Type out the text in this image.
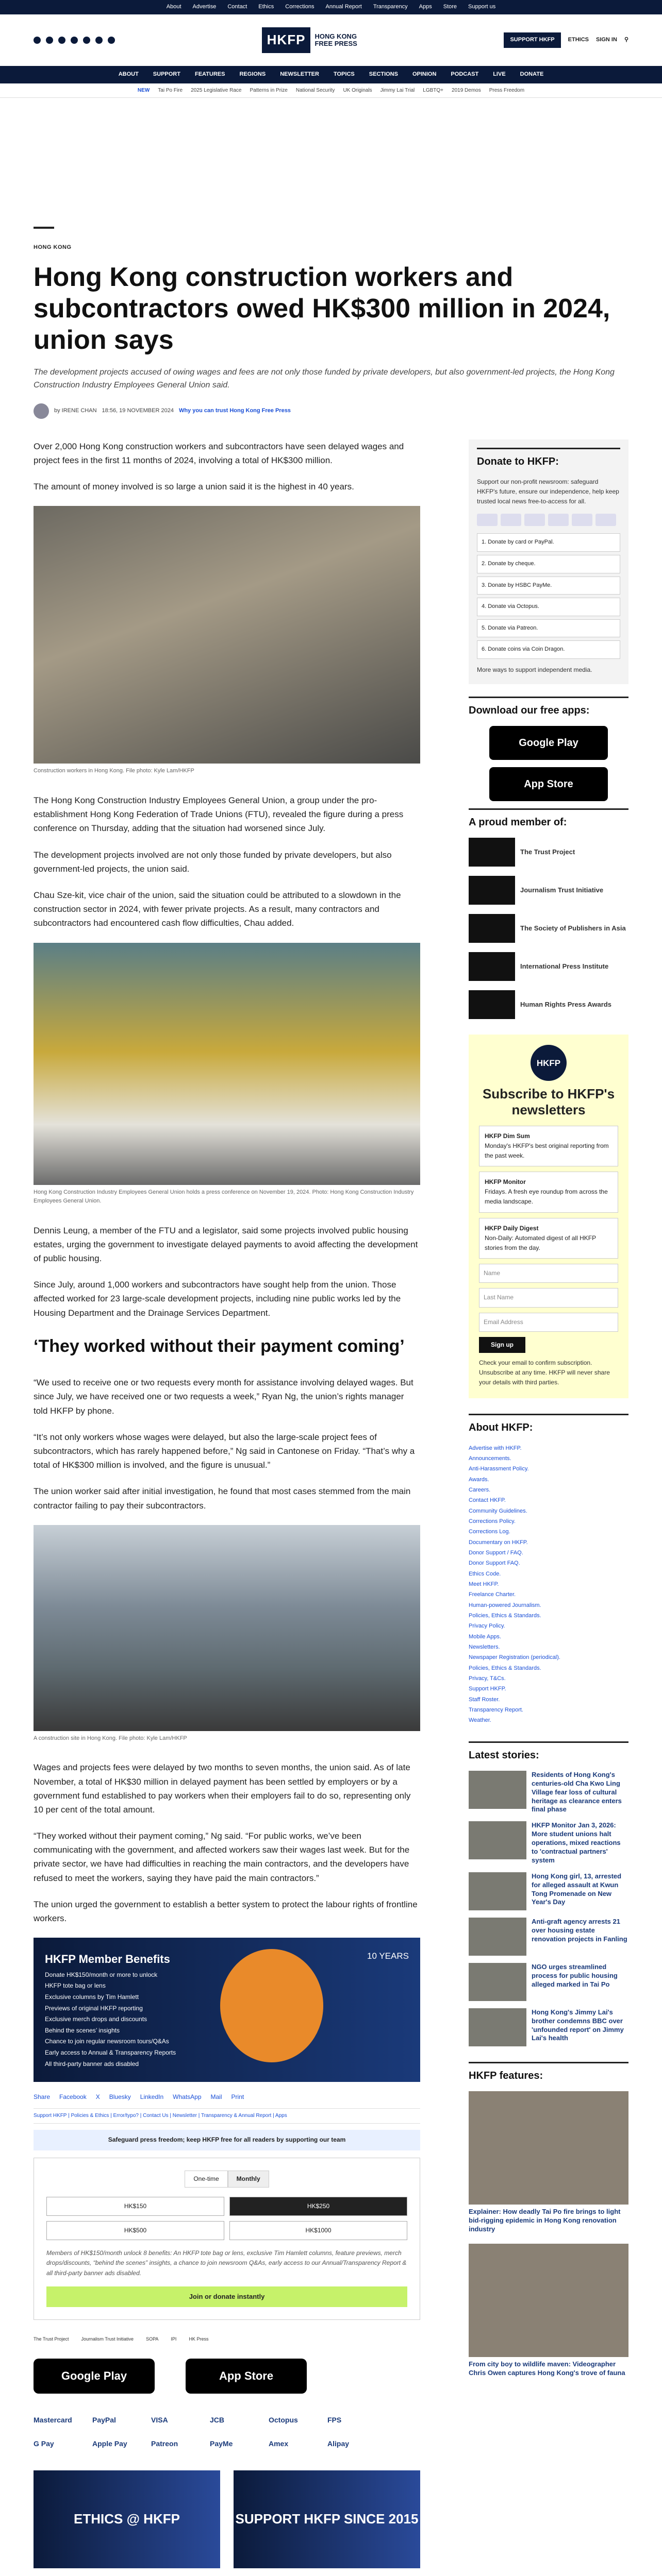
About Advertise Contact Ethics Corrections Annual Report Transparency Apps Store Support us
HKFP	HONG KONG
FREE PRESS	SUPPORT HKFP	ETHICS SIGN IN ⚲
ABOUT	SUPPORT	FEATURES	REGIONS	NEWSLETTER	TOPICS	SECTIONS	OPINION	PODCAST	LIVE	DONATE
NEW Tai Po Fire 2025 Legislative Race Patterns in Prize National Security UK Originals Jimmy Lai Trial LGBTQ+ 2019 Demos Press Freedom
HONG KONG
Hong Kong construction workers and subcontractors owed HK$300 million in 2024, union says
The development projects accused of owing wages and fees are not only those funded by private developers, but also government-led projects, the Hong Kong Construction Industry Employees General Union said.
by IRENE CHAN 18:56, 19 NOVEMBER 2024 Why you can trust Hong Kong Free Press

Over 2,000 Hong Kong construction workers and subcontractors have seen delayed wages and project fees in the first 11 months of 2024, involving a total of HK$300 million.

The amount of money involved is so large a union said it is the highest in 40 years.

Construction workers in Hong Kong. File photo: Kyle Lam/HKFP

The Hong Kong Construction Industry Employees General Union, a group under the pro-establishment Hong Kong Federation of Trade Unions (FTU), revealed the figure during a press conference on Thursday, adding that the situation had worsened since July.

The development projects involved are not only those funded by private developers, but also government-led projects, the union said.

Chau Sze-kit, vice chair of the union, said the situation could be attributed to a slowdown in the construction sector in 2024, with fewer private projects. As a result, many contractors and subcontractors had encountered cash flow difficulties, Chau added.

Hong Kong Construction Industry Employees General Union holds a press conference on November 19, 2024. Photo: Hong Kong Construction Industry Employees General Union.

Dennis Leung, a member of the FTU and a legislator, said some projects involved public housing estates, urging the government to investigate delayed payments to avoid affecting the development of public housing.

Since July, around 1,000 workers and subcontractors have sought help from the union. Those affected worked for 23 large-scale development projects, including nine public works led by the Housing Department and the Drainage Services Department.

‘They worked without their payment coming’

“We used to receive one or two requests every month for assistance involving delayed wages. But since July, we have received one or two requests a week,” Ryan Ng, the union’s rights manager told HKFP by phone.

“It’s not only workers whose wages were delayed, but also the large-scale project fees of subcontractors, which has rarely happened before,” Ng said in Cantonese on Friday. “That’s why a total of HK$300 million is involved, and the figure is unusual.”

The union worker said after initial investigation, he found that most cases stemmed from the main contractor failing to pay their subcontractors.

A construction site in Hong Kong. File photo: Kyle Lam/HKFP

Wages and projects fees were delayed by two months to seven months, the union said. As of late November, a total of HK$30 million in delayed payment has been settled by employers or by a government fund established to pay workers when their employers fail to do so, representing only 10 per cent of the total amount.

“They worked without their payment coming,” Ng said. “For public works, we’ve been communicating with the government, and affected workers saw their wages last week. But for the private sector, we have had difficulties in reaching the main contractors, and the developers have refused to meet the workers, saying they have paid the main contractors.”

The union urged the government to establish a better system to protect the labour rights of frontline workers.

HKFP Member Benefits
Donate HK$150/month or more to unlock
HKFP tote bag or lens
Exclusive columns by Tim Hamlett
Previews of original HKFP reporting
Exclusive merch drops and discounts
Behind the scenes’ insights
Chance to join regular newsroom tours/Q&As
Early access to Annual & Transparency Reports
All third-party banner ads disabled
10 YEARS
Share Facebook X Bluesky LinkedIn WhatsApp Mail Print
Support HKFP | Policies & Ethics | Error/typo? | Contact Us | Newsletter | Transparency & Annual Report | Apps
Safeguard press freedom; keep HKFP free for all readers by supporting our team
One-time	Monthly
HK$150	HK$250
HK$500	HK$1000
Members of HK$150/month unlock 8 benefits: An HKFP tote bag or lens, exclusive Tim Hamlett columns, feature previews, merch drops/discounts, “behind the scenes” insights, a chance to join newsroom Q&As, early access to our Annual/Transparency Report & all third-party banner ads disabled.
Join or donate instantly
The Trust Project	Journalism Trust Initiative	SOPA	IPI	HK Press
Google Play	App Store
Mastercard	PayPal	VISA	JCB	Octopus	FPS
G Pay	Apple Pay	Patreon	PayMe	Amex	Alipay
ETHICS @ HKFP	SUPPORT HKFP SINCE 2015
Donate to HKFP:
Support our non-profit newsroom: safeguard HKFP's future, ensure our independence, help keep trusted local news free-to-access for all.
1. Donate by card or PayPal.
2. Donate by cheque.
3. Donate by HSBC PayMe.
4. Donate via Octopus.
5. Donate via Patreon.
6. Donate coins via Coin Dragon.
More ways to support independent media.
Download our free apps:
Google Play
App Store
A proud member of:
The Trust Project
Journalism Trust Initiative
The Society of Publishers in Asia
International Press Institute
Human Rights Press Awards
HKFP
Subscribe to HKFP's newsletters
HKFP Dim Sum
Monday's HKFP's best original reporting from the past week.
HKFP Monitor
Fridays. A fresh eye roundup from across the media landscape.
HKFP Daily Digest
Non-Daily: Automated digest of all HKFP stories from the day.
Name
Last Name
Email Address
Sign up
Check your email to confirm subscription. Unsubscribe at any time. HKFP will never share your details with third parties.
About HKFP:
Advertise with HKFP.
Announcements.
Anti-Harassment Policy.
Awards.
Careers.
Contact HKFP.
Community Guidelines.
Corrections Policy.
Corrections Log.
Documentary on HKFP.
Donor Support / FAQ.
Donor Support FAQ.
Ethics Code.
Meet HKFP.
Freelance Charter.
Human-powered Journalism.
Policies, Ethics & Standards.
Privacy Policy.
Mobile Apps.
Newsletters.
Newspaper Registration (periodical).
Policies, Ethics & Standards.
Privacy, T&Cs.
Support HKFP.
Staff Roster.
Transparency Report.
Weather.
Latest stories:
Residents of Hong Kong's centuries-old Cha Kwo Ling Village fear loss of cultural heritage as clearance enters final phase
HKFP Monitor Jan 3, 2026: More student unions halt operations, mixed reactions to 'contractual partners' system
Hong Kong girl, 13, arrested for alleged assault at Kwun Tong Promenade on New Year's Day
Anti-graft agency arrests 21 over housing estate renovation projects in Fanling
NGO urges streamlined process for public housing alleged marked in Tai Po
Hong Kong's Jimmy Lai's brother condemns BBC over 'unfounded report' on Jimmy Lai's health
HKFP features:
Explainer: How deadly Tai Po fire brings to light bid-rigging epidemic in Hong Kong renovation industry
From city boy to wildlife maven: Videographer Chris Owen captures Hong Kong's trove of fauna
